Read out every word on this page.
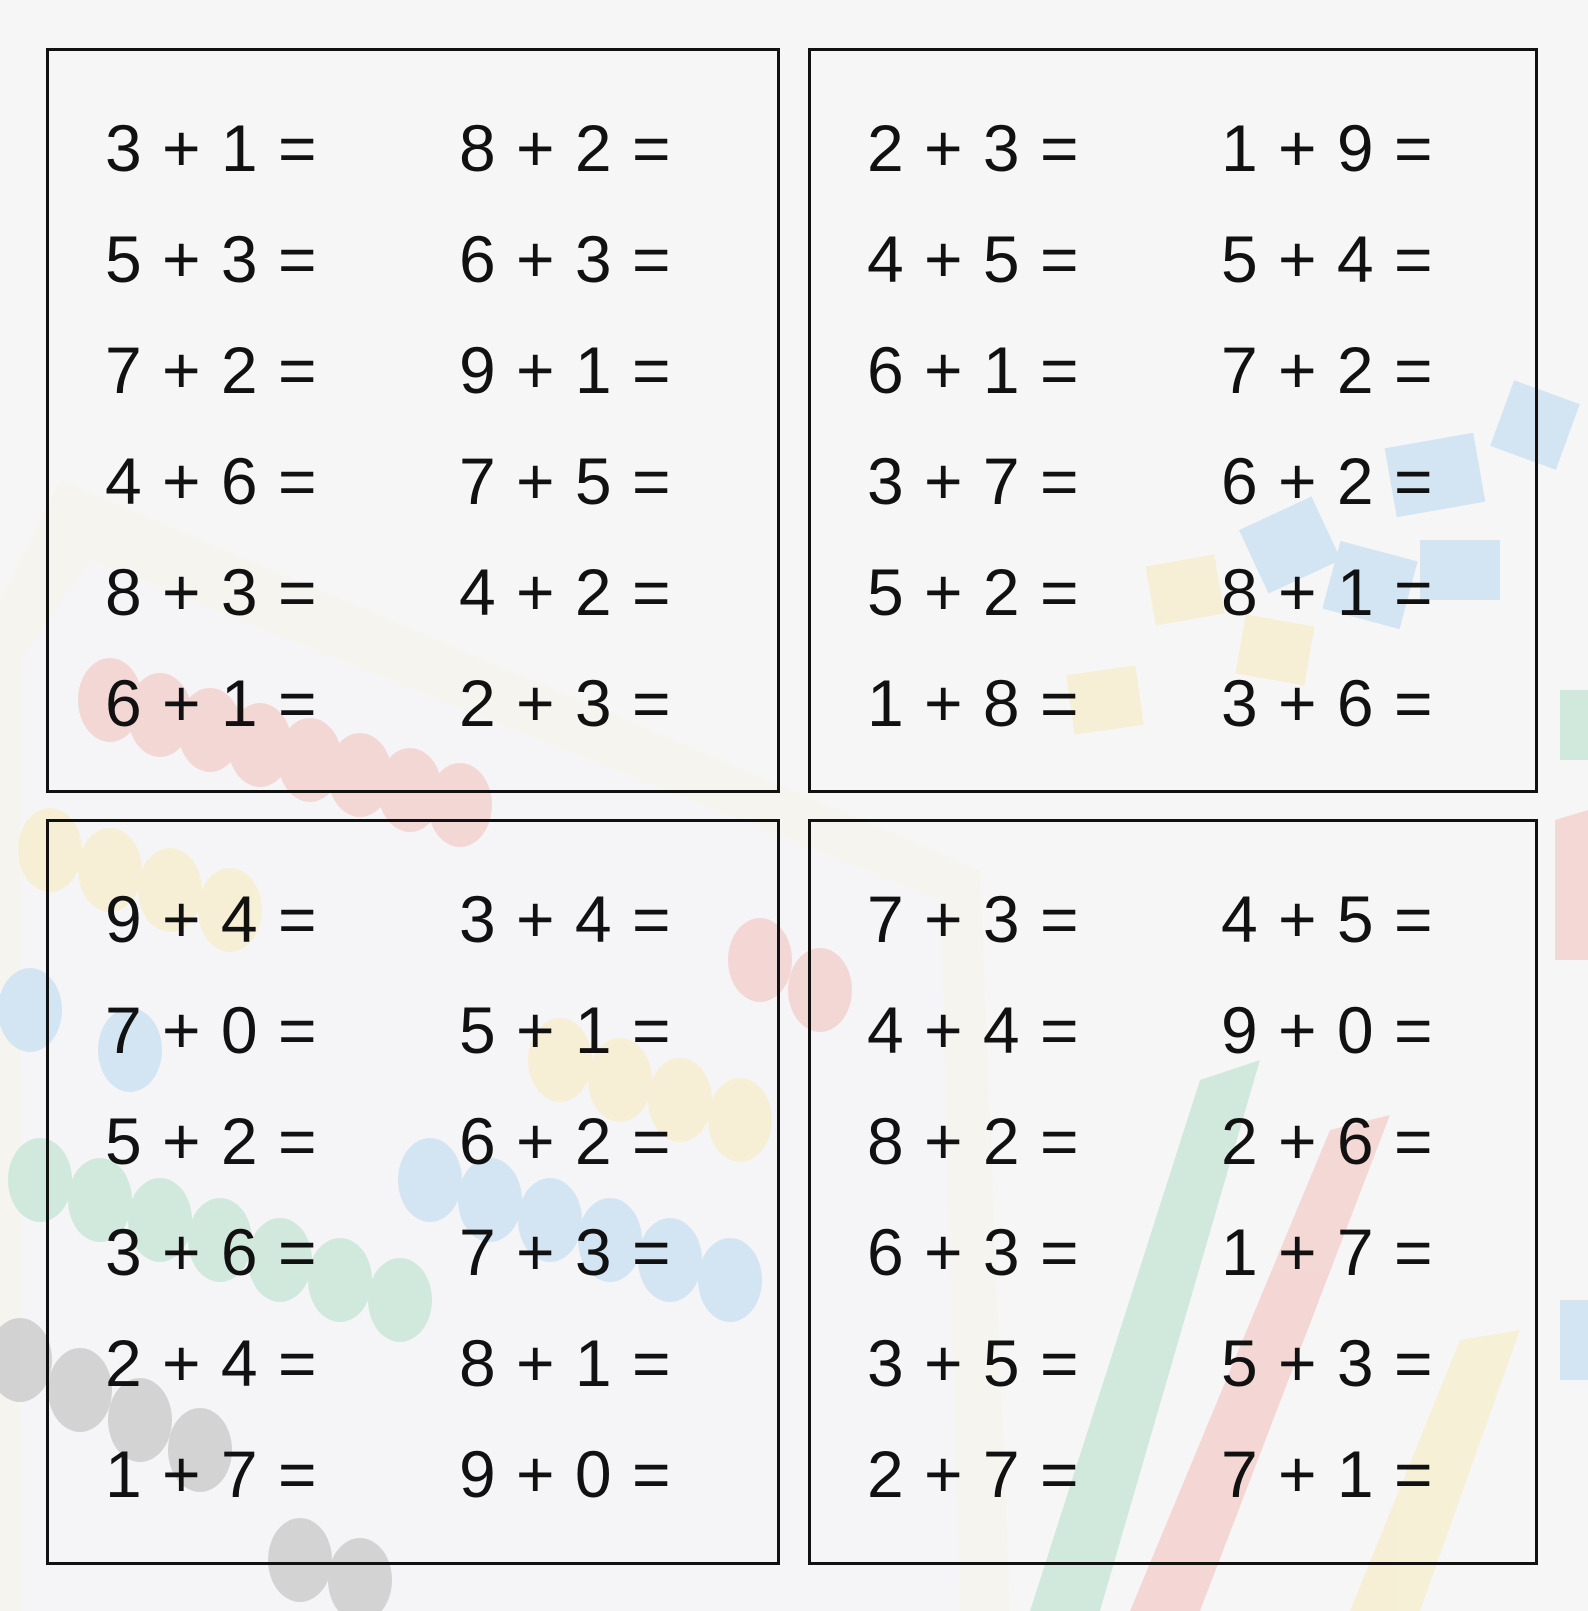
3 + 1 =
5 + 3 =
7 + 2 =
4 + 6 =
8 + 3 =
6 + 1 =
8 + 2 =
6 + 3 =
9 + 1 =
7 + 5 =
4 + 2 =
2 + 3 =
2 + 3 =
4 + 5 =
6 + 1 =
3 + 7 =
5 + 2 =
1 + 8 =
1 + 9 =
5 + 4 =
7 + 2 =
6 + 2 =
8 + 1 =
3 + 6 =
9 + 4 =
7 + 0 =
5 + 2 =
3 + 6 =
2 + 4 =
1 + 7 =
3 + 4 =
5 + 1 =
6 + 2 =
7 + 3 =
8 + 1 =
9 + 0 =
7 + 3 =
4 + 4 =
8 + 2 =
6 + 3 =
3 + 5 =
2 + 7 =
4 + 5 =
9 + 0 =
2 + 6 =
1 + 7 =
5 + 3 =
7 + 1 =
